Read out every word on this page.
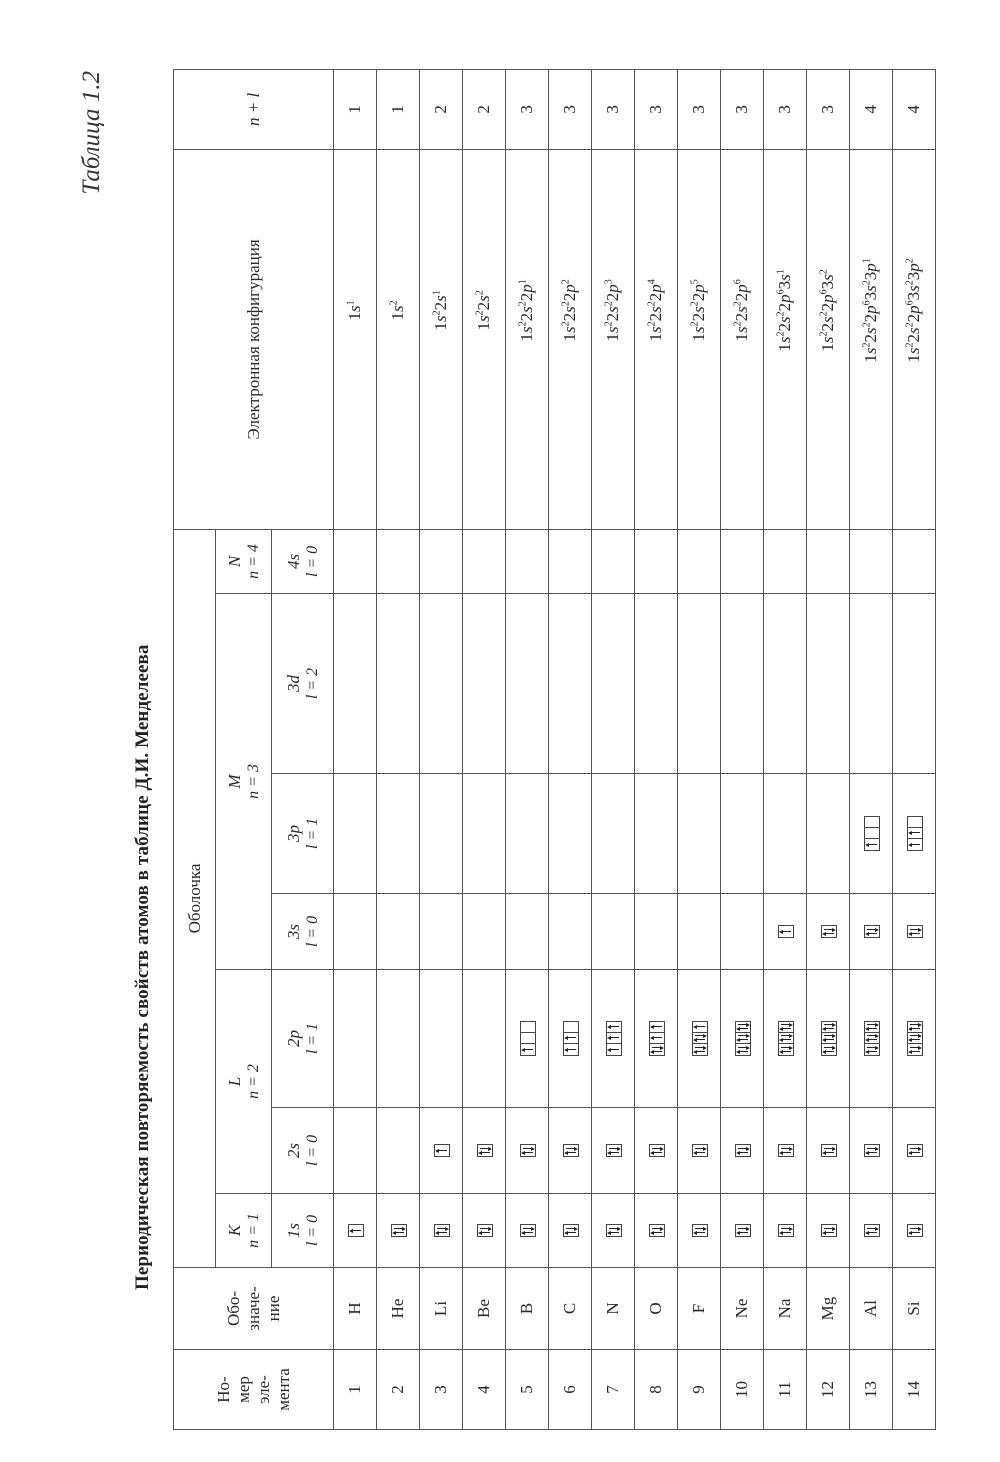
Таблица 1.2
Периодическая повторяемость свойств атомов в таблице Д.И. Менделеева
Но- мер эле- мента	Обо- значе- ние	Оболочка							Электронная конфигурация	n + l

		K n = 1	L n = 2		M n = 3			N n = 4		

		1s l = 0	2s l = 0	2p l = 1	3s l = 0	3p l = 1	3d l = 2	4s l = 0		

1	H								$1s^1$	1
2	He								$1s^2$	1
3	Li								$1s^22s^1$	2
4	Be								$1s^22s^2$	2
5	B								$1s^22s^22p^1$	3
6	C								$1s^22s^22p^2$	3
7	N								$1s^22s^22p^3$	3
8	O								$1s^22s^22p^4$	3
9	F								$1s^22s^22p^5$	3
10	Ne								$1s^22s^22p^6$	3
11	Na								$1s^22s^22p^63s^1$	3
12	Mg								$1s^22s^22p^63s^2$	3
13	Al								$1s^22s^22p^63s^23p^1$	4
14	Si								$1s^22s^22p^63s^23p^2$	4
